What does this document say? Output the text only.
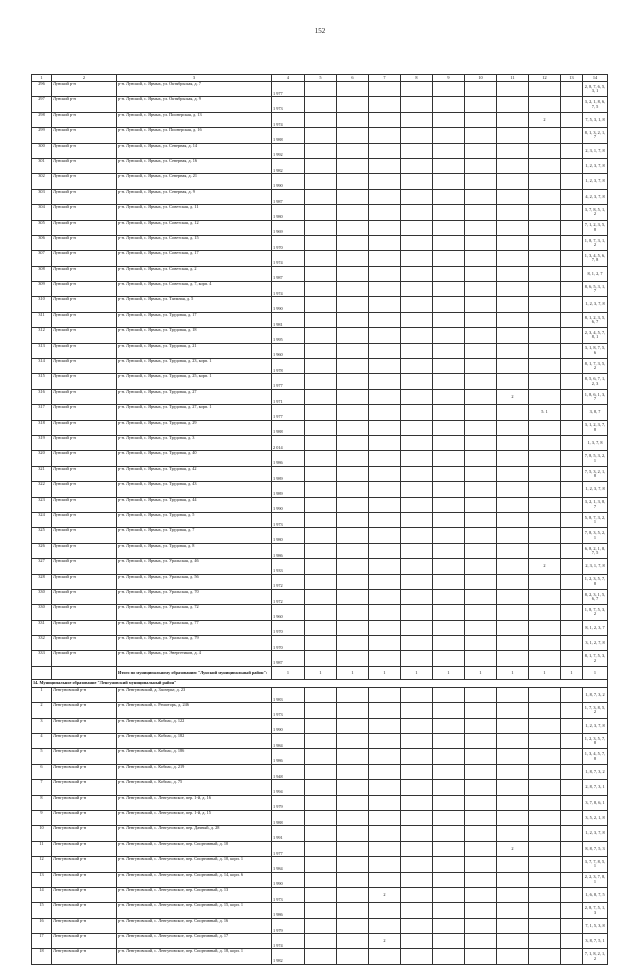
152
1	2	3	4	5	6	7	8	9	10	11	12	13	14
296	Лунский р-н	р-н. Лунский, с. Ярмых, ул. Октябрьская, д. 7	1 977										2, 8, 7, 6, 5, 3, 1
297	Лунский р-н	р-н. Лунский, с. Ярмых, ул. Октябрьская, д. 9	1 973										3, 2, 1, 8, 6, 7, 5
298	Лунский р-н	р-н. Лунский, с. Ярмых, ул. Пионерская, д. 13	1 974								2		7, 5, 3, 1, 8
299	Лунский р-н	р-н. Лунский, с. Ярмых, ул. Пионерская, д. 16	1 988										8, 1, 3, 2, 1, 7
300	Лунский р-н	р-н. Лунский, с. Ярмых, ул. Северная, д. 14	1 992										2, 3, 1, 7, 8
301	Лунский р-н	р-н. Лунский, с. Ярмых, ул. Северная, д. 16	1 982										1, 2, 3, 7, 8
302	Лунский р-н	р-н. Лунский, с. Ярмых, ул. Северная, д. 21	1 990										1, 2, 3, 7, 8
303	Лунский р-н	р-н. Лунский, с. Ярмых, ул. Северная, д. 9	1 987										4, 2, 3, 7, 8
304	Лунский р-н	р-н. Лунский, с. Ярмых, ул. Советская, д. 11	1 980										3, 7, 8, 5, 1, 2
305	Лунский р-н	р-н. Лунский, с. Ярмых, ул. Советская, д. 12	1 969										7, 1, 2, 3, 5, 8
306	Лунский р-н	р-н. Лунский, с. Ярмых, ул. Советская, д. 15	1 970										1, 8, 7, 3, 1, 2
307	Лунский р-н	р-н. Лунский, с. Ярмых, ул. Советская, д. 17	1 974										1, 3, 4, 5, 6, 7, 8
308	Лунский р-н	р-н. Лунский, с. Ярмых, ул. Советская, д. 2	1 987										8, 1, 2, 7
309	Лунский р-н	р-н. Лунский, с. Ярмых, ул. Советская, д. 7, корп. 4	1 974										8, 6, 5, 3, 1, 7
310	Лунский р-н	р-н. Лунский, с. Ярмых, ул. Таежная, д. 5	1 990										1, 2, 3, 7, 8
311	Лунский р-н	р-н. Лунский, с. Ярмых, ул. Трудовая, д. 17	1 981										8, 1, 2, 3, 5, 6, 7
312	Лунский р-н	р-н. Лунский, с. Ярмых, ул. Трудовая, д. 18	1 995										2, 3, 4, 5, 7, 8, 1
313	Лунский р-н	р-н. Лунский, с. Ярмых, ул. Трудовая, д. 21	1 960										3, 1, 8, 7, 5, 6
314	Лунский р-н	р-н. Лунский, с. Ярмых, ул. Трудовая, д. 23, корп. 1	1 978										8, 1, 7, 3, 5, 2
315	Лунский р-н	р-н. Лунский, с. Ярмых, ул. Трудовая, д. 25, корп. 1	1 977										8, 5, 6, 7, 1, 2, 3
316	Лунский р-н	р-н. Лунский, с. Ярмых, ул. Трудовая, д. 27	1 971							2			1, 8, 6, 1, 3, 7
317	Лунский р-н	р-н. Лунский, с. Ярмых, ул. Трудовая, д. 27, корп. 1	1 977								5. 1		3, 8, 7
318	Лунский р-н	р-н. Лунский, с. Ярмых, ул. Трудовая, д. 29	1 988										3, 1, 2, 3, 7, 8
319	Лунский р-н	р-н. Лунский, с. Ярмых, ул. Трудовая, д. 3	2 014										1, 3, 7, 8
320	Лунский р-н	р-н. Лунский, с. Ярмых, ул. Трудовая, д. 40	1 986										7, 8, 5, 3, 2, 1
321	Лунский р-н	р-н. Лунский, с. Ярмых, ул. Трудовая, д. 42	1 989										7, 5, 3, 2, 1, 8
322	Лунский р-н	р-н. Лунский, с. Ярмых, ул. Трудовая, д. 43	1 989										1, 2, 3, 7, 8
323	Лунский р-н	р-н. Лунский, с. Ярмых, ул. Трудовая, д. 44	1 990										3, 2, 1, 3, 8, 7
324	Лунский р-н	р-н. Лунский, с. Ярмых, ул. Трудовая, д. 5	1 973										5, 8, 7, 3, 2, 1
325	Лунский р-н	р-н. Лунский, с. Ярмых, ул. Трудовая, д. 7	1 980										7, 8, 3, 5, 2, 1
326	Лунский р-н	р-н. Лунский, с. Ярмых, ул. Трудовая, д. 8	1 986										6, 8, 2, 1, 8, 7, 5
327	Лунский р-н	р-н. Лунский, с. Ярмых, ул. Уральская, д. 46	1 933								2		2, 3, 1, 7, 8
328	Лунский р-н	р-н. Лунский, с. Ярмых, ул. Уральская, д. 56	1 972										1, 2, 3, 5, 7, 8
330	Лунский р-н	р-н. Лунский, с. Ярмых, ул. Уральская, д. 70	1 972										8, 2, 3, 1, 5, 6, 7
330	Лунский р-н	р-н. Лунский, с. Ярмых, ул. Уральская, д. 72	1 960										1, 8, 7, 5, 3, 2
331	Лунский р-н	р-н. Лунский, с. Ярмых, ул. Уральская, д. 77	1 970										8, 1, 2, 3, 7
332	Лунский р-н	р-н. Лунский, с. Ярмых, ул. Уральская, д. 79	1 970										3, 1, 2, 7, 8
333	Лунский р-н	р-н. Лунский, с. Ярмых, ул. Энергетиков, д. 4	1 987										8, 1, 7, 5, 3, 2
		Итого по муниципальному образованию "Лунский муниципальный район":	1	1	1	1	1	1	1	1	1	1	1
14. Муниципальное образование "Ленгуновский муниципальный район"													
1	Ленгуновский р-н	р-н. Ленгуновский, д. Заозерье, д. 23	1 983										1, 8, 7, 3, 2
2	Ленгуновский р-н	р-н. Ленгуновский, с. Решоторь, д. 246	1 973										1, 7, 3, 8, 5, 2
3	Ленгуновский р-н	р-н. Ленгуновский, с. Кобиас, д. 122	1 990										1, 2, 3, 7, 8
4	Ленгуновский р-н	р-н. Ленгуновский, с. Кобиас, д. 182	1 984										1, 2, 3, 5, 7, 8
5	Ленгуновский р-н	р-н. Ленгуновский, с. Кобиас, д. 186	1 986										1, 3, 4, 5, 7, 8
6	Ленгуновский р-н	р-н. Ленгуновский, с. Кобиас, д. 219	1 948										1, 8, 7, 3, 2
7	Ленгуновский р-н	р-н. Ленгуновский, с. Кобиас, д. 75	1 994										2, 8, 7, 3, 1
8	Ленгуновский р-н	р-н. Ленгуновский, с. Ленгуновское, пер. 1-й, д. 16	1 979										3, 7, 8, 6, 1
9	Ленгуновский р-н	р-н. Ленгуновский, с. Ленгуновское, пер. 1-й, д. 15	1 988										3, 5, 2, 1, 8
10	Ленгуновский р-н	р-н. Ленгуновский, с. Ленгуновское, пер. Дачный, д. 28	1 991										1, 2, 3, 7, 8
11	Ленгуновский р-н	р-н. Ленгуновский, с. Ленгуновское, пер. Спортивный, д. 10	1 977							2			8, 8, 7, 5, 3
12	Ленгуновский р-н	р-н. Ленгуновский, с. Ленгуновское, пер. Спортивный, д. 10, корп. 1	1 984										3, 7, 7, 8, 5, 1
13	Ленгуновский р-н	р-н. Ленгуновский, с. Ленгуновское, пер. Спортивный, д. 14, корп. 6	1 990										2, 2, 3, 7, 8, 1
14	Ленгуновский р-н	р-н. Ленгуновский, с. Ленгуновское, пер. Спортивный, д. 13	1 973			2							1, 6, 8, 7, 5
15	Ленгуновский р-н	р-н. Ленгуновский, с. Ленгуновское, пер. Спортивный, д. 15, корп. 1	1 986										2, 8, 7, 5, 1, 3
16	Ленгуновский р-н	р-н. Ленгуновский, с. Ленгуновское, пер. Спортивный, д. 16	1 979										7, 1, 5, 3, 8
17	Ленгуновский р-н	р-н. Ленгуновский, с. Ленгуновское, пер. Спортивный, д. 17	1 974			2							3, 8, 7, 5, 1
18	Ленгуновский р-н	р-н. Ленгуновский, с. Ленгуновское, пер. Спортивный, д. 18, корп. 1	1 982										7, 1, 8, 2, 1, 2
